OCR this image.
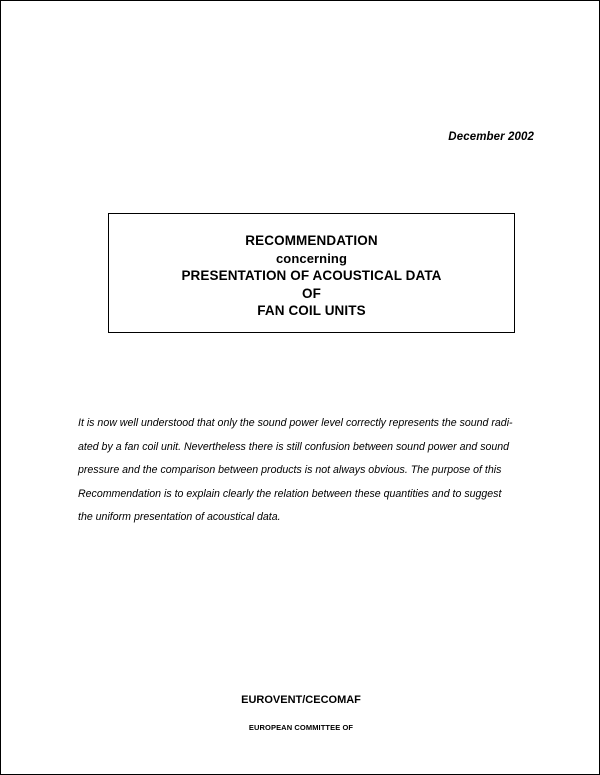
December 2002
RECOMMENDATION
concerning
PRESENTATION OF ACOUSTICAL DATA
OF
FAN COIL UNITS

It is now well understood that only the sound power level correctly represents the sound radi-
ated by a fan coil unit. Nevertheless there is still confusion between sound power and sound
pressure and the comparison between products is not always obvious. The purpose of this
Recommendation is to explain clearly the relation between these quantities and to suggest
the uniform presentation of acoustical data.

EUROVENT/CECOMAF
EUROPEAN COMMITTEE OF
